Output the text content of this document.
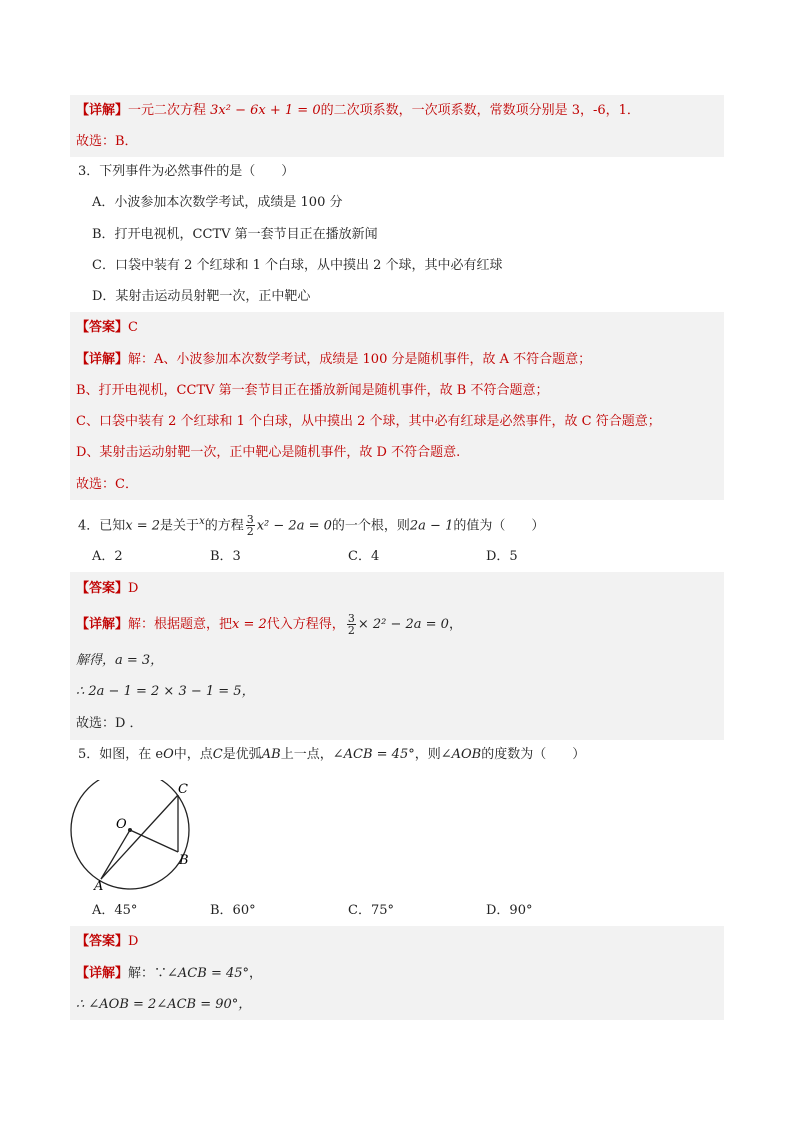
【详解】一元二次方程 3x² − 6x + 1 = 0的二次项系数，一次项系数，常数项分别是 3，-6，1．
故选：B．
3．下列事件为必然事件的是（　　）
A．小波参加本次数学考试，成绩是 100 分
B．打开电视机，CCTV 第一套节目正在播放新闻
C．口袋中装有 2 个红球和 1 个白球，从中摸出 2 个球，其中必有红球
D．某射击运动员射靶一次，正中靶心
【答案】C
【详解】解：A、小波参加本次数学考试，成绩是 100 分是随机事件，故 A 不符合题意；
B、打开电视机，CCTV 第一套节目正在播放新闻是随机事件，故 B 不符合题意；
C、口袋中装有 2 个红球和 1 个白球，从中摸出 2 个球，其中必有红球是必然事件，故 C 符合题意；
D、某射击运动射靶一次，正中靶心是随机事件，故 D 不符合题意.
故选：C．
4．已知x = 2是关于$^x$的方程 $\frac{3}{2} x^2 - 2a = 0$的一个根，则2a − 1的值为（　　）
A．2	B．3	C．4	D．5
【答案】D
【详解】解：根据题意，把x = 2代入方程得， $\frac{3}{2} \times 2^2 - 2a = 0$，
解得，a = 3，
∴ 2a − 1 = 2 × 3 − 1 = 5，
故选：D ．
5．如图，在 eO中，点C是优弧AB上一点，∠ACB = 45°，则∠AOB的度数为（　　）
C
O
B
A
A．45°	B．60°	C．75°	D．90°
【答案】D
【详解】解：∵∠ACB = 45°，
∴ ∠AOB = 2∠ACB = 90°，
